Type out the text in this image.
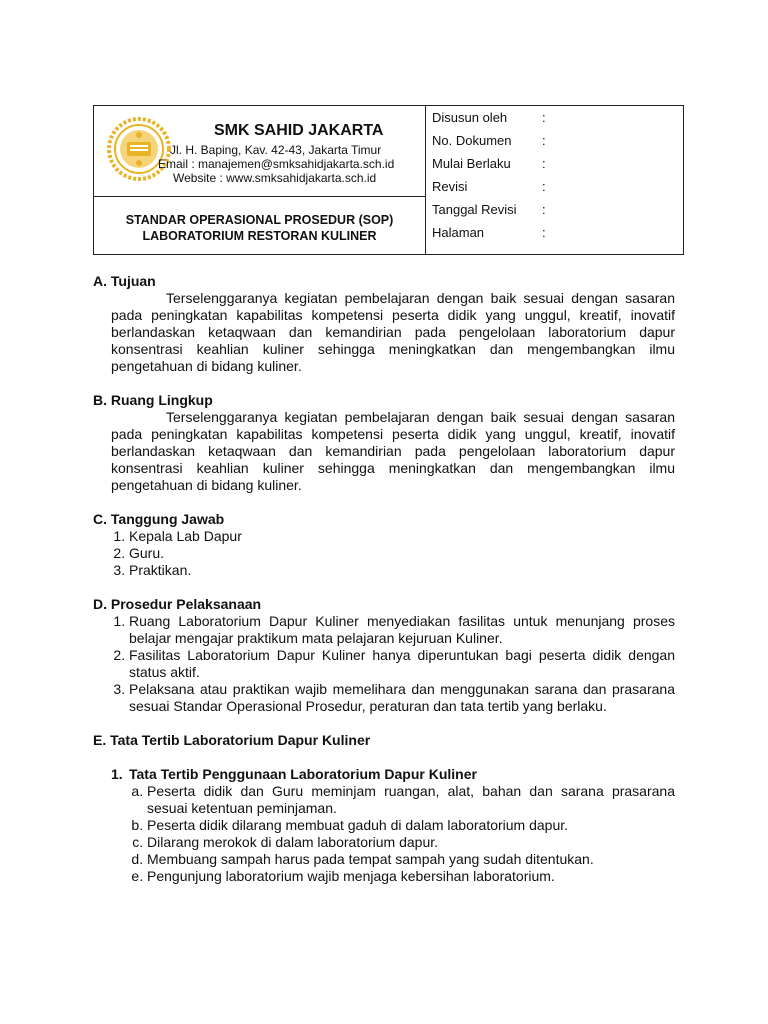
SMK SAHID JAKARTA
Jl. H. Baping, Kav. 42-43, Jakarta Timur
Email : manajemen@smksahidjakarta.sch.id
Website : www.smksahidjakarta.sch.id
STANDAR OPERASIONAL PROSEDUR (SOP)
LABORATORIUM RESTORAN KULINER
Disusun oleh	:
No. Dokumen :
Mulai Berlaku :
Revisi	:
Tanggal Revisi :
Halaman	:
A. Tujuan
Terselenggaranya kegiatan pembelajaran dengan baik sesuai dengan sasaran pada peningkatan kapabilitas kompetensi peserta didik yang unggul, kreatif, inovatif berlandaskan ketaqwaan dan kemandirian pada pengelolaan laboratorium dapur konsentrasi keahlian kuliner sehingga meningkatkan dan mengembangkan ilmu pengetahuan di bidang kuliner.
B. Ruang Lingkup
Terselenggaranya kegiatan pembelajaran dengan baik sesuai dengan sasaran pada peningkatan kapabilitas kompetensi peserta didik yang unggul, kreatif, inovatif berlandaskan ketaqwaan dan kemandirian pada pengelolaan laboratorium dapur konsentrasi keahlian kuliner sehingga meningkatkan dan mengembangkan ilmu pengetahuan di bidang kuliner.
C. Tanggung Jawab
1. Kepala Lab Dapur
2. Guru.
3. Praktikan.
D. Prosedur Pelaksanaan
1. Ruang Laboratorium Dapur Kuliner menyediakan fasilitas untuk menunjang proses belajar mengajar praktikum mata pelajaran kejuruan Kuliner.
2. Fasilitas Laboratorium Dapur Kuliner hanya diperuntukan bagi peserta didik dengan status aktif.
3. Pelaksana atau praktikan wajib memelihara dan menggunakan sarana dan prasarana sesuai Standar Operasional Prosedur, peraturan dan tata tertib yang berlaku.
E. Tata Tertib Laboratorium Dapur Kuliner
1. Tata Tertib Penggunaan Laboratorium Dapur Kuliner
a. Peserta didik dan Guru meminjam ruangan, alat, bahan dan sarana prasarana sesuai ketentuan peminjaman.
b. Peserta didik dilarang membuat gaduh di dalam laboratorium dapur.
c. Dilarang merokok di dalam laboratorium dapur.
d. Membuang sampah harus pada tempat sampah yang sudah ditentukan.
e. Pengunjung laboratorium wajib menjaga kebersihan laboratorium.
